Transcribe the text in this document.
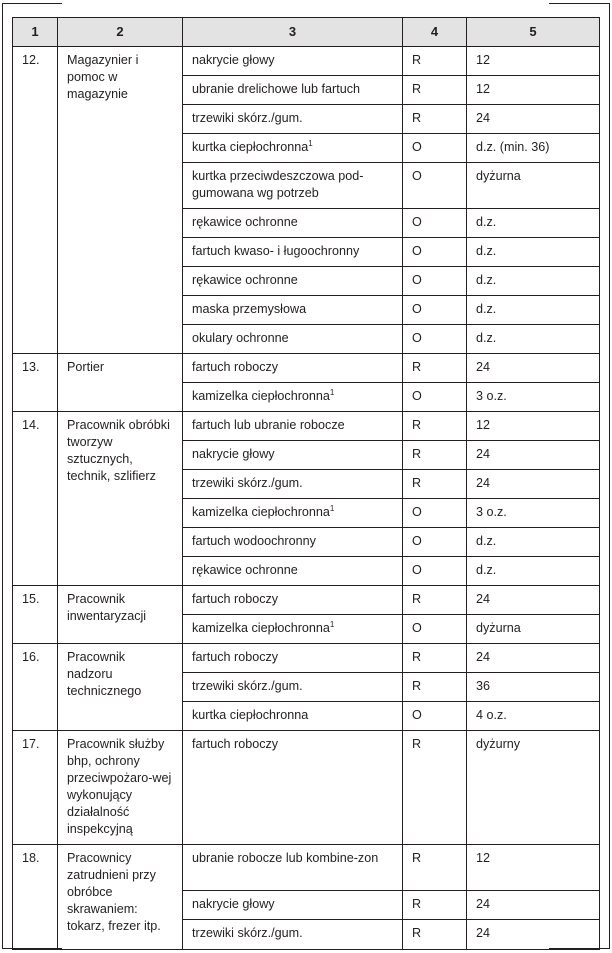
1	2	3	4	5
12.	Magazynier i pomoc w magazynie	nakrycie głowy	R	12
		ubranie drelichowe lub fartuch	R	12
		trzewiki skórz./gum.	R	24
		kurtka ciepłochronna$^1$	O	d.z. (min. 36)
		kurtka przeciwdeszczowa pod-gumowana wg potrzeb	O	dyżurna
		rękawice ochronne	O	d.z.
		fartuch kwaso- i ługoochronny	O	d.z.
		rękawice ochronne	O	d.z.
		maska przemysłowa	O	d.z.
		okulary ochronne	O	d.z.
13.	Portier	fartuch roboczy	R	24
		kamizelka ciepłochronna$^1$	O	3 o.z.
14.	Pracownik obróbki tworzyw sztucznych, technik, szlifierz	fartuch lub ubranie robocze	R	12
		nakrycie głowy	R	24
		trzewiki skórz./gum.	R	24
		kamizelka ciepłochronna$^1$	O	3 o.z.
		fartuch wodoochronny	O	d.z.
		rękawice ochronne	O	d.z.
15.	Pracownik inwentaryzacji	fartuch roboczy	R	24
		kamizelka ciepłochronna$^1$	O	dyżurna
16.	Pracownik nadzoru technicznego	fartuch roboczy	R	24
		trzewiki skórz./gum.	R	36
		kurtka ciepłochronna	O	4 o.z.
17.	Pracownik służby bhp, ochrony przeciwpożaro-wej wykonujący działalność inspekcyjną	fartuch roboczy	R	dyżurny
18.	Pracownicy zatrudnieni przy obróbce skrawaniem: tokarz, frezer itp.	ubranie robocze lub kombine-zon	R	12
		nakrycie głowy	R	24
		trzewiki skórz./gum.	R	24
